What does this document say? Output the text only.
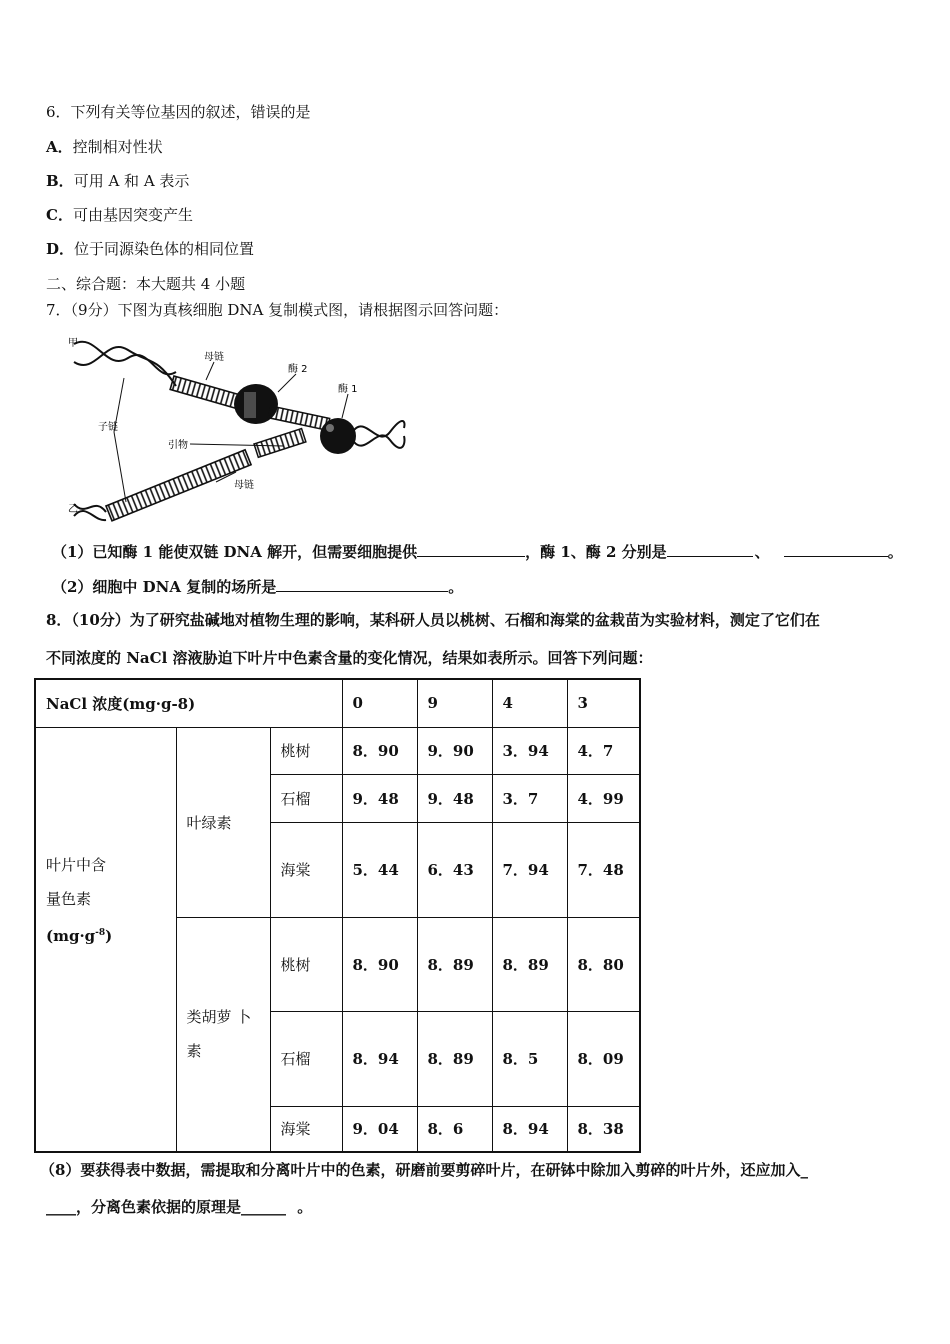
6．下列有关等位基因的叙述，错误的是
A．控制相对性状
B．可用 A 和 A 表示
C．可由基因突变产生
D．位于同源染色体的相同位置
二、综合题：本大题共 4 小题
7．（9分）下图为真核细胞 DNA 复制模式图，请根据图示回答问题：
甲
乙
母链
酶 2
酶 1
子链
引物
母链
（1）已知酶 1 能使双链 DNA 解开，但需要细胞提供	，酶 1、酶 2 分别是	、	。
（2）细胞中 DNA 复制的场所是	。
8．（10分）为了研究盐碱地对植物生理的影响，某科研人员以桃树、石榴和海棠的盆栽苗为实验材料，测定了它们在
不同浓度的 NaCl 溶液胁迫下叶片中色素含量的变化情况，结果如表所示。回答下列问题：
NaCl 浓度(mg·g-8)			0	9	4	3

叶片中含
量色素
$(mg\cdot g^{-8})$	叶绿素	桃树	8．90	9．90	3．94	4．7
		石榴	9．48	9．48	3．7	4．99
		海棠	5．44	6．43	7．94	7．48

	类胡萝 卜
素	桃树	8．90	8．89	8．89	8．80
		石榴	8．94	8．89	8．5	8．09
		海棠	9．04	8．6	8．94	8．38
（8）要获得表中数据，需提取和分离叶片中的色素，研磨前要剪碎叶片，在研钵中除加入剪碎的叶片外，还应加入_
____，分离色素依据的原理是______ 。
